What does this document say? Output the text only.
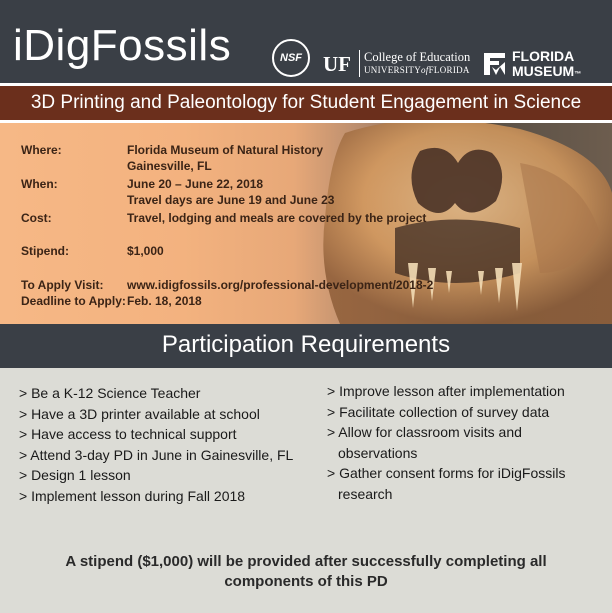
iDigFossils	NSF	UF College of Education
UNIVERSITYofFLORIDA
FLORIDA
MUSEUM™
3D Printing and Paleontology for Student Engagement in Science
Where:	Florida Museum of Natural History
Gainesville, FL
When:	June 20 – June 22, 2018
Travel days are June 19 and June 23
Cost:	Travel, lodging and meals are covered by the project
Stipend:	$1,000
To Apply Visit: www.idigfossils.org/professional-development/2018-2
Deadline to Apply: Feb. 18, 2018
Participation Requirements
> Be a K-12 Science Teacher
> Have a 3D printer available at school
> Have access to technical support
> Attend 3-day PD in June in Gainesville, FL
> Design 1 lesson
> Implement lesson during Fall 2018
> Improve lesson after implementation
> Facilitate collection of survey data
> Allow for classroom visits and
observations
> Gather consent forms for iDigFossils
research
A stipend ($1,000) will be provided after successfully completing all
components of this PD
